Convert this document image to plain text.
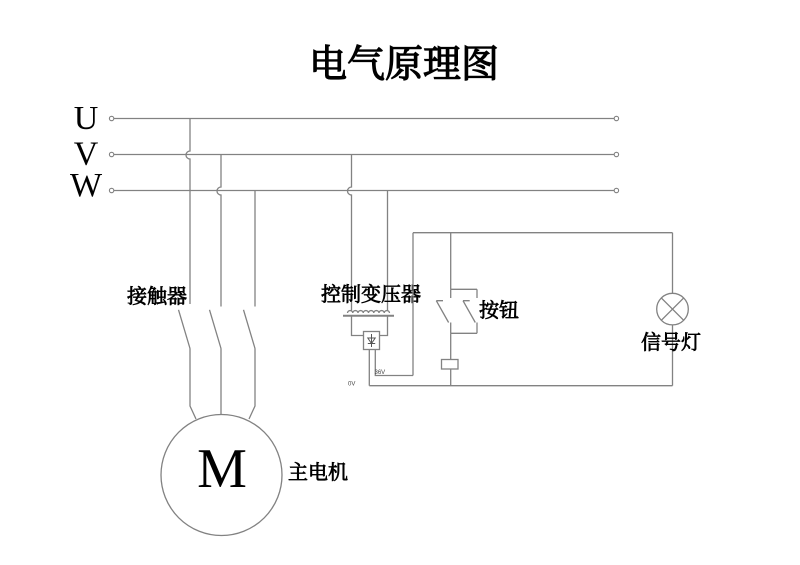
电气原理图
U
V
W
接触器
M 主电机
控制变压器
36V
0V
按钮
信号灯
